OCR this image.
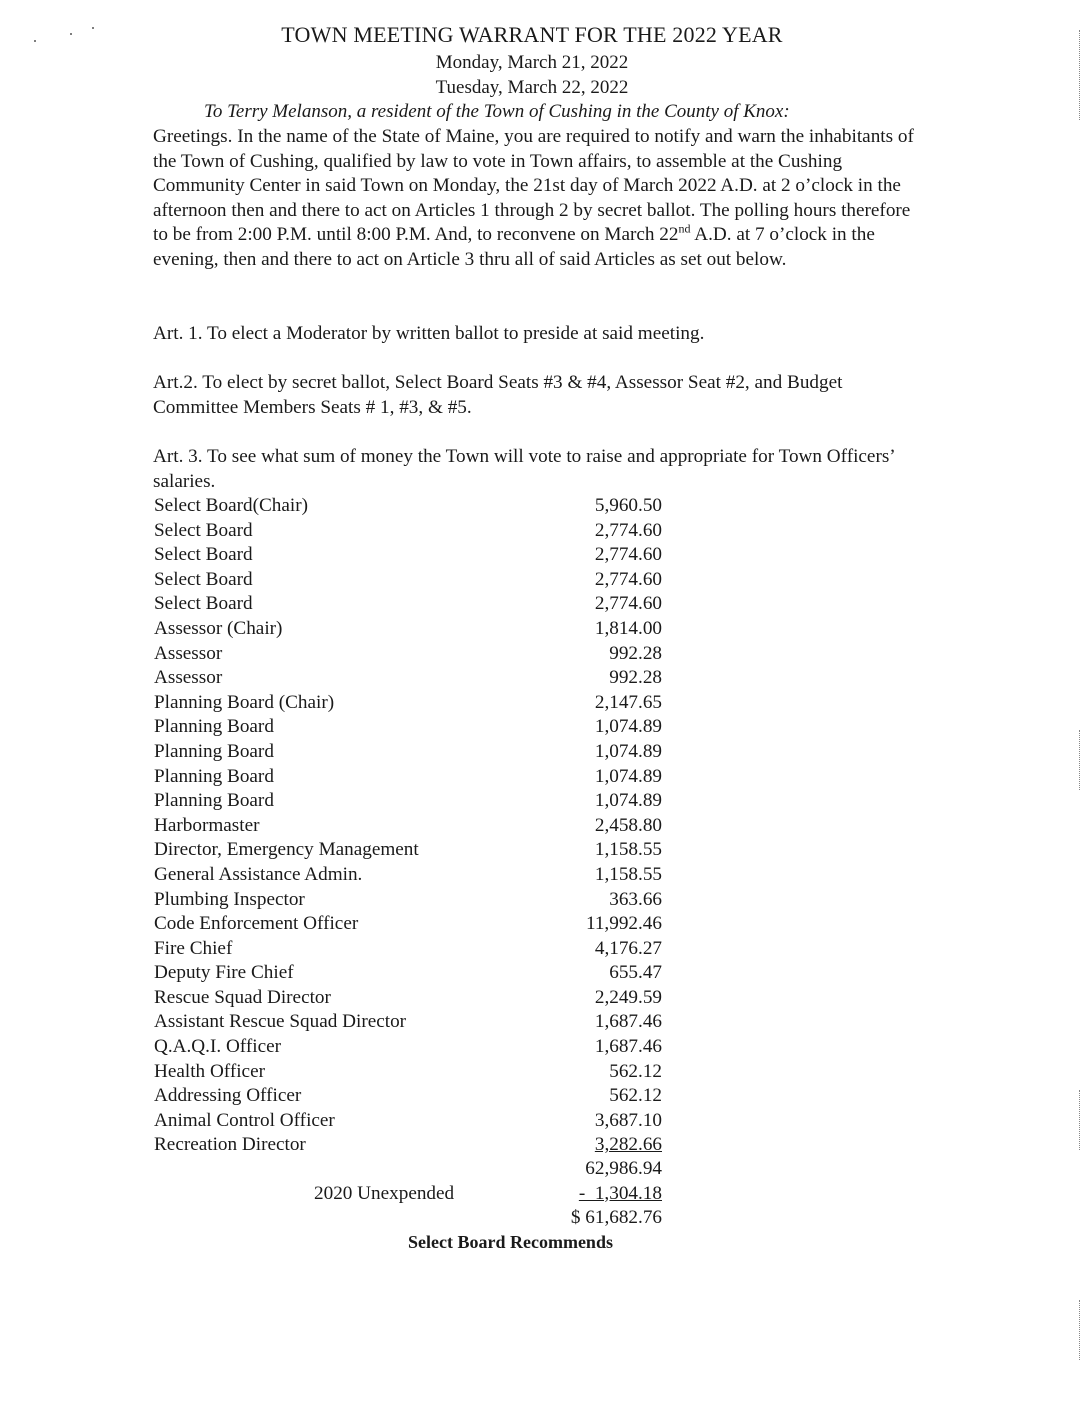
TOWN MEETING WARRANT FOR THE 2022 YEAR
Monday, March 21, 2022
Tuesday, March 22, 2022
To Terry Melanson, a resident of the Town of Cushing in the County of Knox:
Greetings. In the name of the State of Maine, you are required to notify and warn the inhabitants of the Town of Cushing, qualified by law to vote in Town affairs, to assemble at the Cushing Community Center in said Town on Monday, the 21st day of March 2022 A.D. at 2 o’clock in the afternoon then and there to act on Articles 1 through 2 by secret ballot. The polling hours therefore to be from 2:00 P.M. until 8:00 P.M. And, to reconvene on March 22nd A.D. at 7 o’clock in the evening, then and there to act on Article 3 thru all of said Articles as set out below.
Art. 1. To elect a Moderator by written ballot to preside at said meeting.
Art.2. To elect by secret ballot, Select Board Seats #3 & #4, Assessor Seat #2, and Budget Committee Members Seats # 1, #3, & #5.
Art. 3. To see what sum of money the Town will vote to raise and appropriate for Town Officers’ salaries.
Select Board(Chair)	5,960.50
Select Board	2,774.60
Select Board	2,774.60
Select Board	2,774.60
Select Board	2,774.60
Assessor (Chair)	1,814.00
Assessor	992.28
Assessor	992.28
Planning Board (Chair)	2,147.65
Planning Board	1,074.89
Planning Board	1,074.89
Planning Board	1,074.89
Planning Board	1,074.89
Harbormaster	2,458.80
Director, Emergency Management	1,158.55
General Assistance Admin.	1,158.55
Plumbing Inspector	363.66
Code Enforcement Officer	11,992.46
Fire Chief	4,176.27
Deputy Fire Chief	655.47
Rescue Squad Director	2,249.59
Assistant Rescue Squad Director	1,687.46
Q.A.Q.I. Officer	1,687.46
Health Officer	562.12
Addressing Officer	562.12
Animal Control Officer	3,687.10
Recreation Director	3,282.66
62,986.94
2020 Unexpended	-  1,304.18
$ 61,682.76
Select Board Recommends
